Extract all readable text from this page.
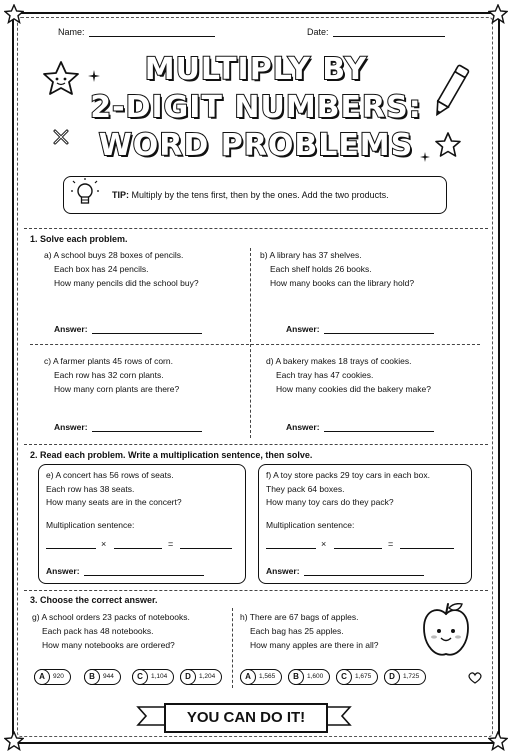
Name:	Date:
MULTIPLY BY
2-DIGIT NUMBERS:
WORD PROBLEMS
TIP: Multiply by the tens first, then by the ones. Add the two products.
1. Solve each problem.
a) A school buys 28 boxes of pencils.
Each box has 24 pencils.
How many pencils did the school buy?
Answer:
b) A library has 37 shelves.
Each shelf holds 26 books.
How many books can the library hold?
Answer:
c) A farmer plants 45 rows of corn.
Each row has 32 corn plants.
How many corn plants are there?
Answer:
d) A bakery makes 18 trays of cookies.
Each tray has 47 cookies.
How many cookies did the bakery make?
Answer:
2. Read each problem. Write a multiplication sentence, then solve.
e) A concert has 56 rows of seats.
Each row has 38 seats.
How many seats are in the concert?
Multiplication sentence:
×	=
Answer:
f) A toy store packs 29 toy cars in each box.
They pack 64 boxes.
How many toy cars do they pack?
Multiplication sentence:
×	=
Answer:
3. Choose the correct answer.
g) A school orders 23 packs of notebooks.
Each pack has 48 notebooks.
How many notebooks are ordered?
h) There are 67 bags of apples.
Each bag has 25 apples.
How many apples are there in all?
920
A	944
B	1,104
C	1,204
D	1,565
A	1,600
B	1,675
C	1,725
D
YOU CAN DO IT!
